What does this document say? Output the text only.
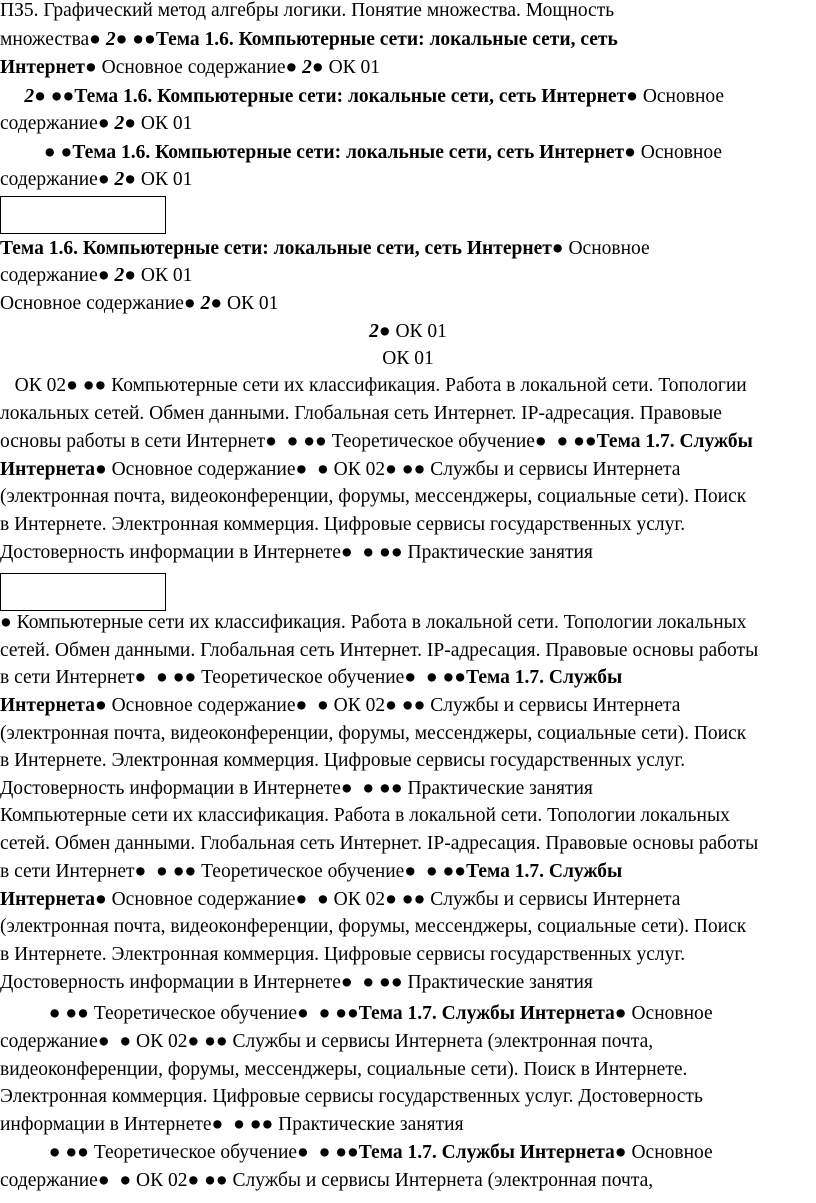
ПЗ5. Графический метод алгебры логики. Понятие множества. Мощность
множества● 2● ●●Тема 1.6. Компьютерные сети: локальные сети, сеть
Интернет● Основное содержание● 2● ОК 01
2● ●●Тема 1.6. Компьютерные сети: локальные сети, сеть Интернет● Основное
содержание● 2● ОК 01
● ●Тема 1.6. Компьютерные сети: локальные сети, сеть Интернет● Основное
содержание● 2● ОК 01
Тема 1.6. Компьютерные сети: локальные сети, сеть Интернет● Основное
содержание● 2● ОК 01
Основное содержание● 2● ОК 01
2● ОК 01
ОК 01
ОК 02● ●● Компьютерные сети их классификация. Работа в локальной сети. Топологии
локальных сетей. Обмен данными. Глобальная сеть Интернет. IP-адресация. Правовые
основы работы в сети Интернет●  ● ●● Теоретическое обучение●  ● ●●Тема 1.7. Службы
Интернета● Основное содержание●  ● ОК 02● ●● Службы и сервисы Интернета
(электронная почта, видеоконференции, форумы, мессенджеры, социальные сети). Поиск
в Интернете. Электронная коммерция. Цифровые сервисы государственных услуг.
Достоверность информации в Интернете●  ● ●● Практические занятия
● Компьютерные сети их классификация. Работа в локальной сети. Топологии локальных
сетей. Обмен данными. Глобальная сеть Интернет. IP-адресация. Правовые основы работы
в сети Интернет●  ● ●● Теоретическое обучение●  ● ●●Тема 1.7. Службы
Интернета● Основное содержание●  ● ОК 02● ●● Службы и сервисы Интернета
(электронная почта, видеоконференции, форумы, мессенджеры, социальные сети). Поиск
в Интернете. Электронная коммерция. Цифровые сервисы государственных услуг.
Достоверность информации в Интернете●  ● ●● Практические занятия
Компьютерные сети их классификация. Работа в локальной сети. Топологии локальных
сетей. Обмен данными. Глобальная сеть Интернет. IP-адресация. Правовые основы работы
в сети Интернет●  ● ●● Теоретическое обучение●  ● ●●Тема 1.7. Службы
Интернета● Основное содержание●  ● ОК 02● ●● Службы и сервисы Интернета
(электронная почта, видеоконференции, форумы, мессенджеры, социальные сети). Поиск
в Интернете. Электронная коммерция. Цифровые сервисы государственных услуг.
Достоверность информации в Интернете●  ● ●● Практические занятия
● ●● Теоретическое обучение●  ● ●●Тема 1.7. Службы Интернета● Основное
содержание●  ● ОК 02● ●● Службы и сервисы Интернета (электронная почта,
видеоконференции, форумы, мессенджеры, социальные сети). Поиск в Интернете.
Электронная коммерция. Цифровые сервисы государственных услуг. Достоверность
информации в Интернете●  ● ●● Практические занятия
● ●● Теоретическое обучение●  ● ●●Тема 1.7. Службы Интернета● Основное
содержание●  ● ОК 02● ●● Службы и сервисы Интернета (электронная почта,
